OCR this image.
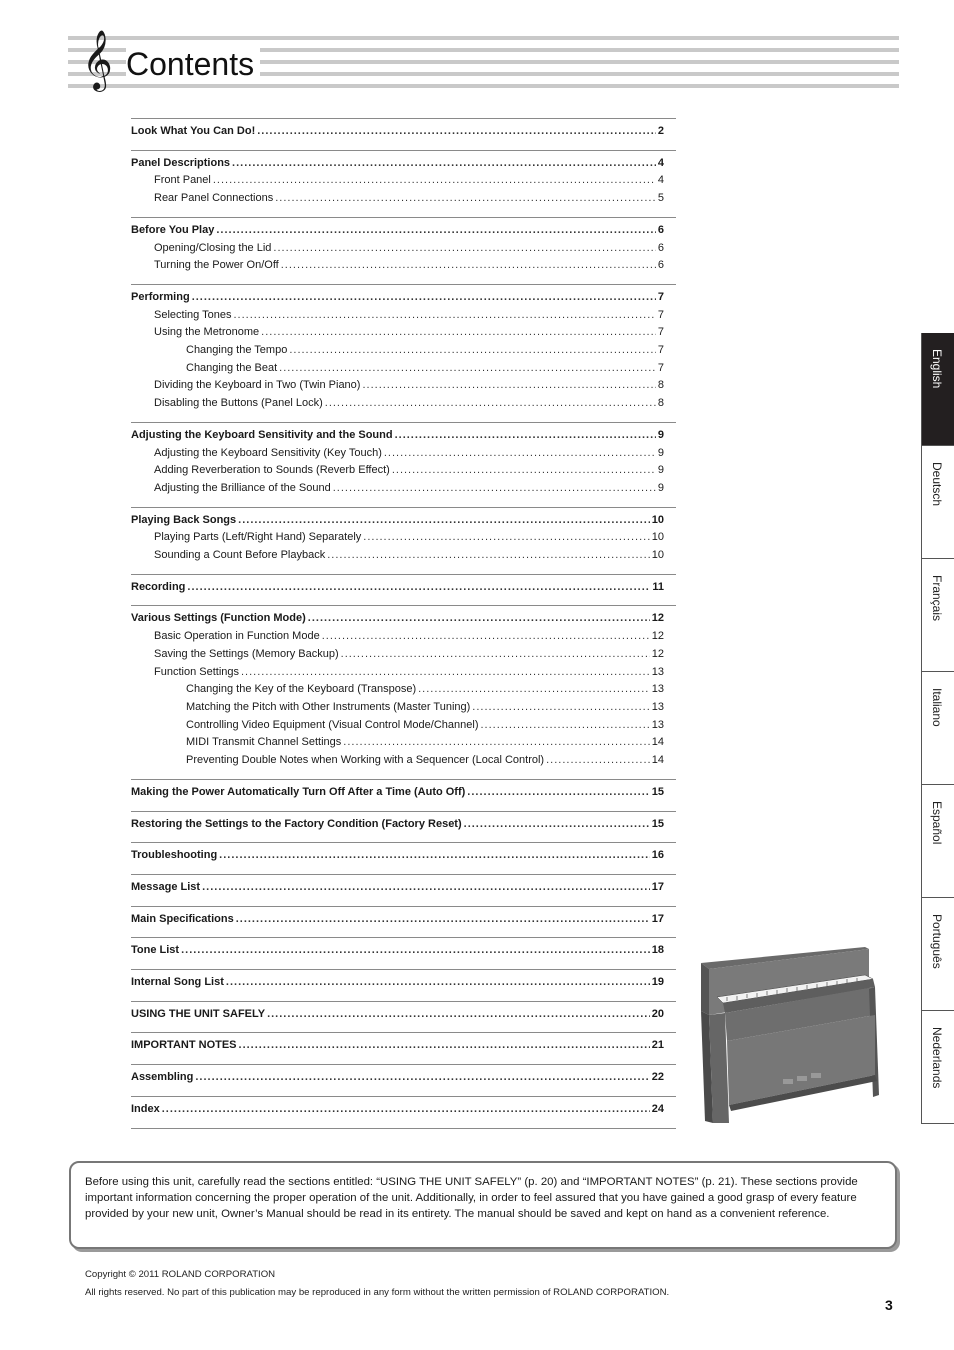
𝄞 Contents
Look What You Can Do! .....	2
Panel Descriptions .....	4
Front Panel .....	4
Rear Panel Connections .....	5
Before You Play .....	6
Opening/Closing the Lid .....	6
Turning the Power On/Off .....	6
Performing .....	7
Selecting Tones .....	7
Using the Metronome .....	7
Changing the Tempo .....	7
Changing the Beat .....	7
Dividing the Keyboard in Two (Twin Piano) .....	8
Disabling the Buttons (Panel Lock) .....	8
Adjusting the Keyboard Sensitivity and the Sound .....	9
Adjusting the Keyboard Sensitivity (Key Touch) .....	9
Adding Reverberation to Sounds (Reverb Effect) .....	9
Adjusting the Brilliance of the Sound .....	9
Playing Back Songs .....	10
Playing Parts (Left/Right Hand) Separately .....	10
Sounding a Count Before Playback .....	10
Recording .....	11
Various Settings (Function Mode) .....	12
Basic Operation in Function Mode .....	12
Saving the Settings (Memory Backup) .....	12
Function Settings .....	13
Changing the Key of the Keyboard (Transpose) .....	13
Matching the Pitch with Other Instruments (Master Tuning) .....	13
Controlling Video Equipment (Visual Control Mode/Channel) .....	13
MIDI Transmit Channel Settings .....	14
Preventing Double Notes when Working with a Sequencer (Local Control) .....	14
Making the Power Automatically Turn Off After a Time (Auto Off) .....	15
Restoring the Settings to the Factory Condition (Factory Reset) .....	15
Troubleshooting .....	16
Message List .....	17
Main Specifications .....	17
Tone List .....	18
Internal Song List .....	19
USING THE UNIT SAFELY .....	20
IMPORTANT NOTES .....	21
Assembling .....	22
Index .....	24
English
Deutsch
Français
Italiano
Español
Português
Nederlands

Before using this unit, carefully read the sections entitled: “USING THE UNIT SAFELY” (p. 20) and “IMPORTANT NOTES” (p. 21). These sections provide important information concerning the proper operation of the unit. Additionally, in order to feel assured that you have gained a good grasp of every feature provided by your new unit, Owner’s Manual should be read in its entirety. The manual should be saved and kept on hand as a convenient reference.

Copyright © 2011 ROLAND CORPORATION
All rights reserved. No part of this publication may be reproduced in any form without the written permission of ROLAND CORPORATION.
3
